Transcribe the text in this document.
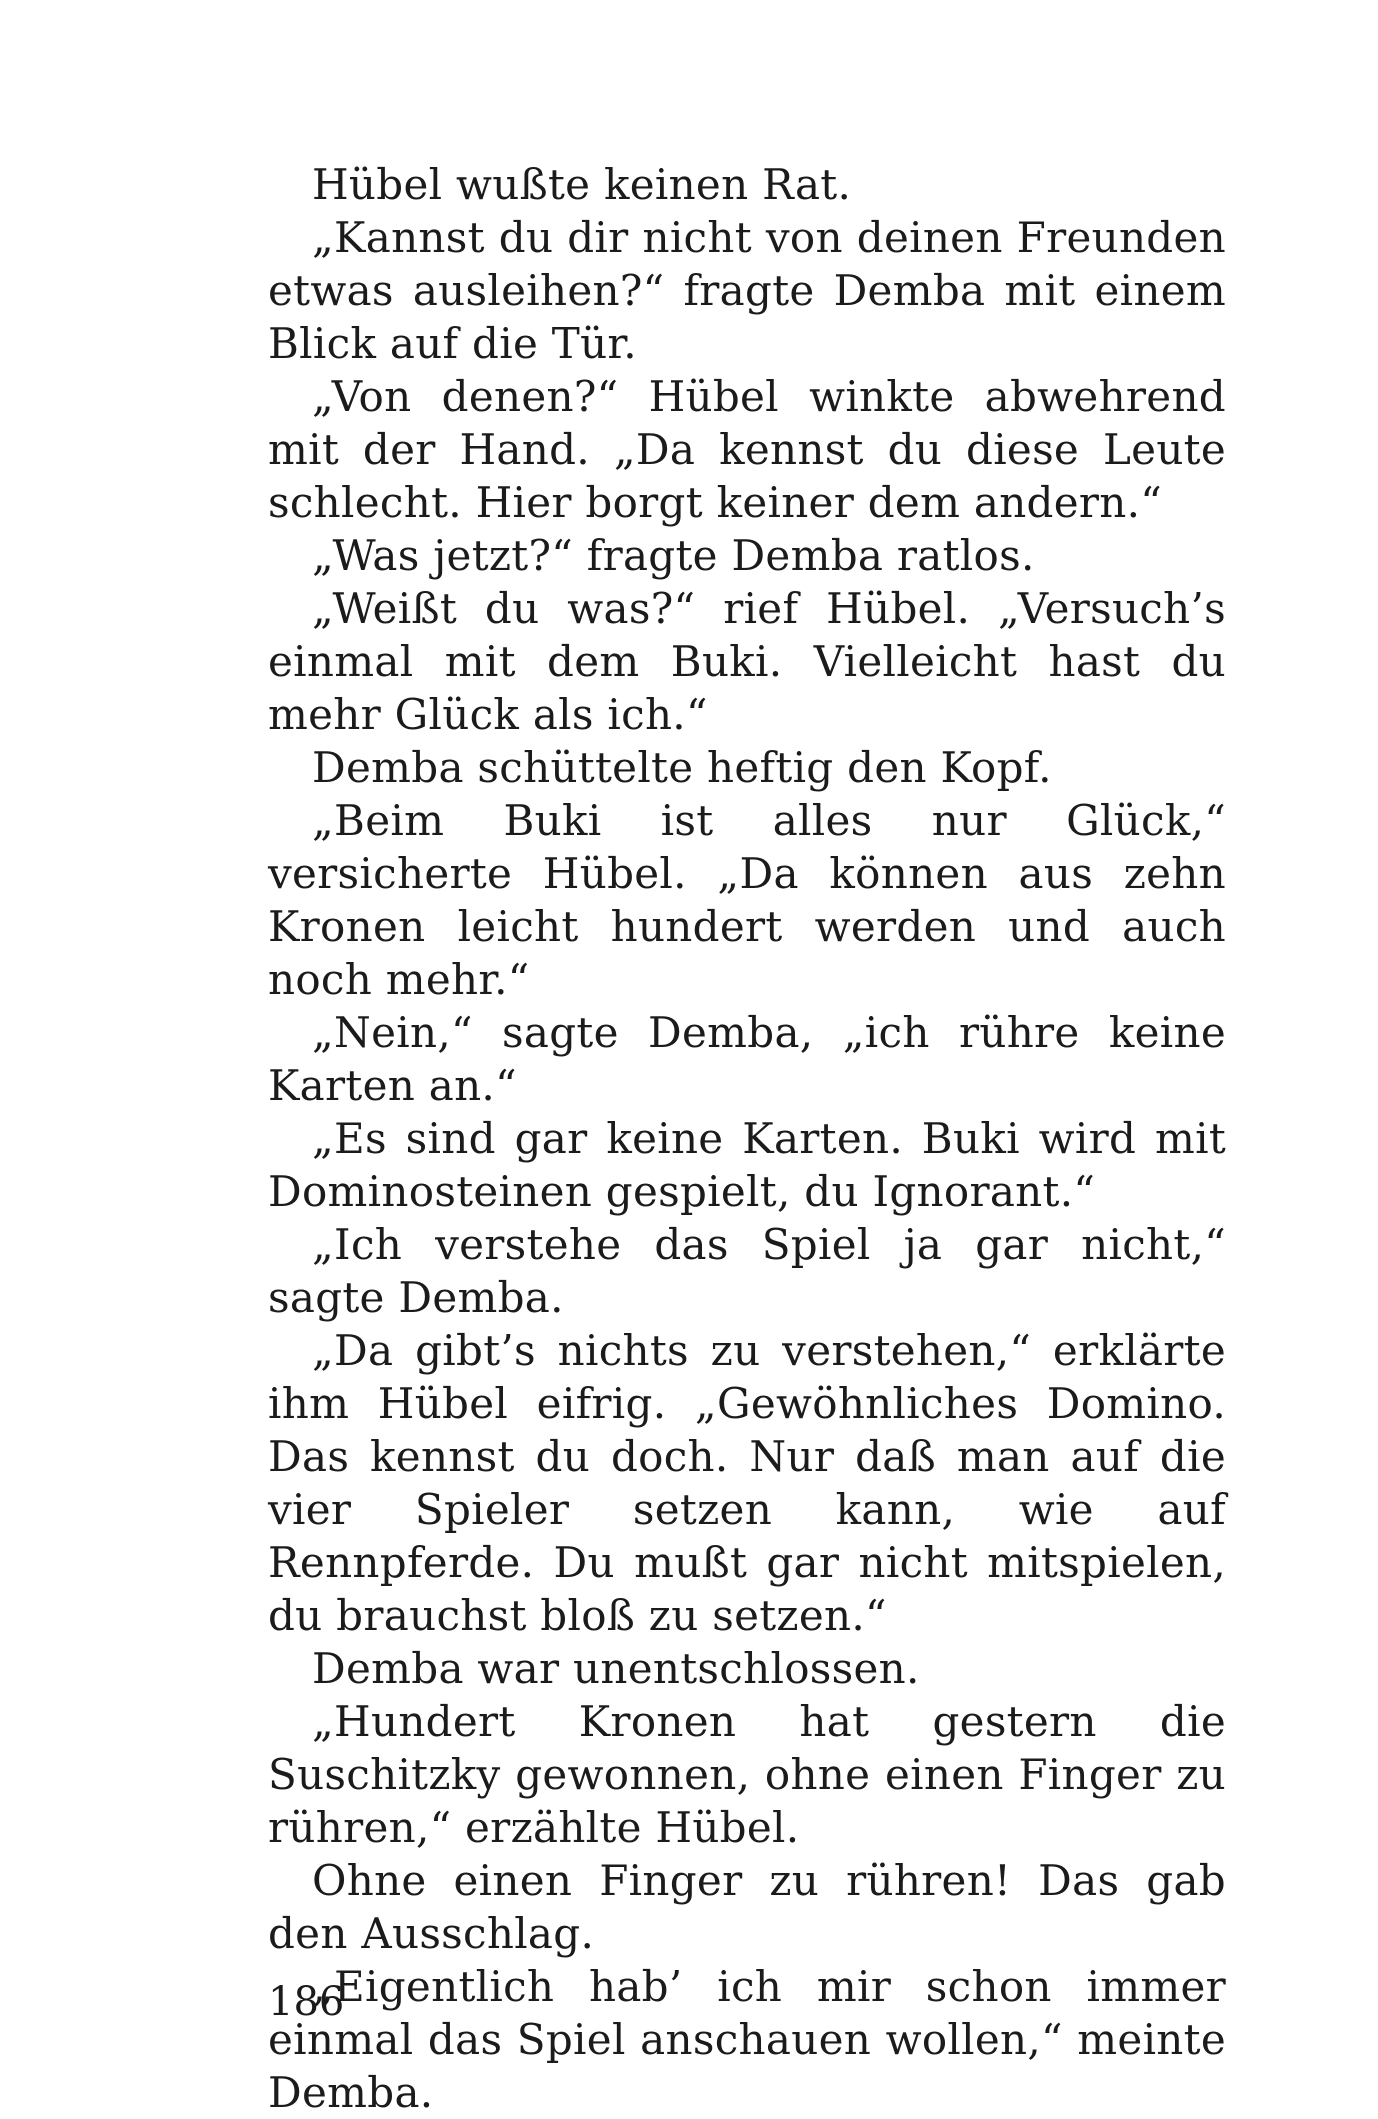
Hübel wußte keinen Rat.

„Kannst du dir nicht von deinen Freunden etwas ausleihen?“ fragte Demba mit einem Blick auf die Tür.

„Von denen?“ Hübel winkte abwehrend mit der Hand. „Da kennst du diese Leute schlecht. Hier borgt keiner dem andern.“

„Was jetzt?“ fragte Demba ratlos.

„Weißt du was?“ rief Hübel. „Versuch’s einmal mit dem Buki. Vielleicht hast du mehr Glück als ich.“

Demba schüttelte heftig den Kopf.

„Beim Buki ist alles nur Glück,“ versicherte Hübel. „Da können aus zehn Kronen leicht hundert werden und auch noch mehr.“

„Nein,“ sagte Demba, „ich rühre keine Karten an.“

„Es sind gar keine Karten. Buki wird mit Dominosteinen gespielt, du Ignorant.“

„Ich verstehe das Spiel ja gar nicht,“ sagte Demba.

„Da gibt’s nichts zu verstehen,“ erklärte ihm Hübel eifrig. „Gewöhnliches Domino. Das kennst du doch. Nur daß man auf die vier Spieler setzen kann, wie auf Rennpferde. Du mußt gar nicht mitspielen, du brauchst bloß zu setzen.“

Demba war unentschlossen.

„Hundert Kronen hat gestern die Suschitzky gewonnen, ohne einen Finger zu rühren,“ erzählte Hübel.

Ohne einen Finger zu rühren! Das gab den Ausschlag.

„Eigentlich hab’ ich mir schon immer einmal das Spiel anschauen wollen,“ meinte Demba.

186
